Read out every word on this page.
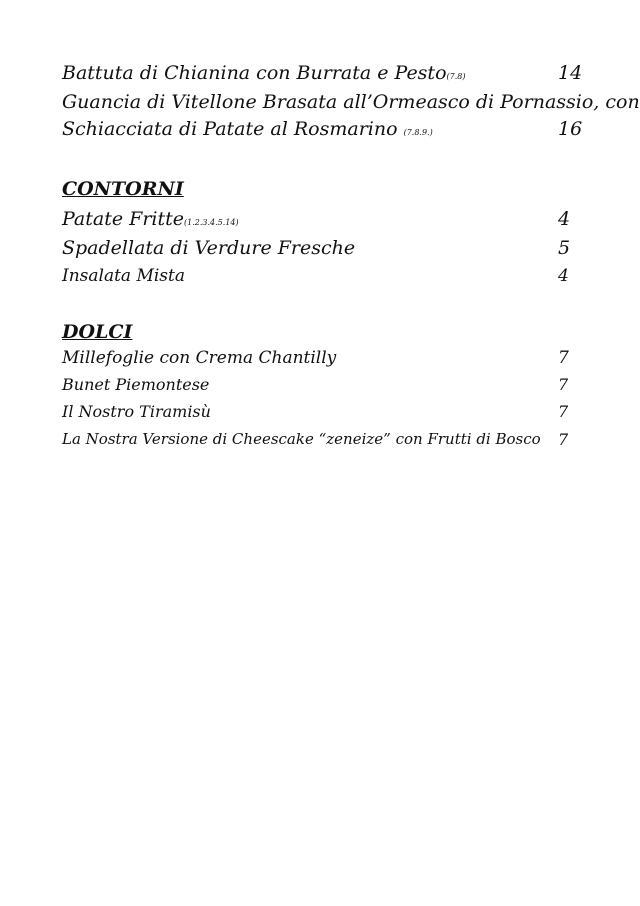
Battuta di Chianina con Burrata e Pesto(7.8)	14
Guancia di Vitellone Brasata all’Ormeasco di Pornassio, con
Schiacciata di Patate al Rosmarino (7.8.9.)	16
CONTORNI
Patate Fritte(1.2.3.4.5.14)	4
Spadellata di Verdure Fresche	5
Insalata Mista	4
DOLCI
Millefoglie con Crema Chantilly	7
Bunet Piemontese	7
Il Nostro Tiramisù	7
La Nostra Versione di Cheescake “zeneize” con Frutti di Bosco 7
